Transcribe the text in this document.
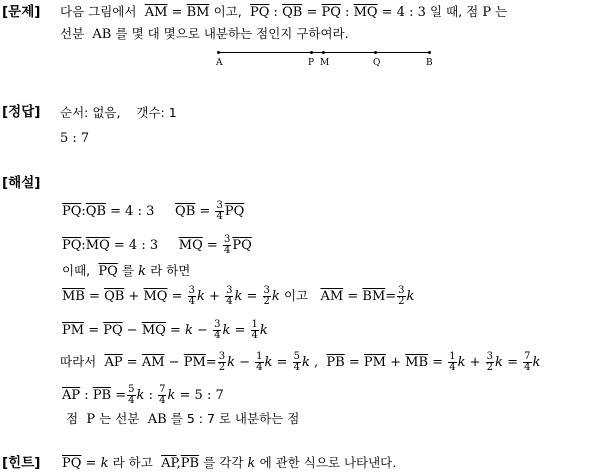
[문제] 다음 그림에서 $\overline{AM} = \overline{BM}$ 이고, $\overline{PQ}$ : $\overline{QB} = \overline{PQ}$ : $\overline{MQ} = 4$ : 3 일 때, 점 P 는
선분 AB 를 몇 대 몇으로 내분하는 점인지 구하여라.
A	P M	Q	B
[정답] 순서: 없음, 갯수: 1
5 : 7
[해설]
$\overline{PQ}:\overline{QB} = 4$ : 3 $\overline{QB} = \frac{3}{4} \overline{PQ}$
$\overline{PQ}:\overline{MQ} = 4$ : 3 $\overline{MQ} = \frac{3}{4} \overline{PQ}$
이때, $\overline{PQ}$ 를 k 라 하면
$\overline{MB} = \overline{QB} + \overline{MQ} = \frac{3}{4}$ $k + \frac{3}{4}$ $k = \frac{3}{2}$ k 이고 $\overline{AM} = \overline{BM}= \frac{3}{2}$ k
$\overline{PM} = \overline{PQ} - \overline{MQ} = k - \frac{3}{4}$ $k = \frac{1}{4}$ k
따라서 $\overline{AP} = \overline{AM} - \overline{PM}= \frac{3}{2}$ $k - \frac{1}{4}$ $k = \frac{5}{4}$ k , $\overline{PB} = \overline{PM} + \overline{MB} = \frac{1}{4}$ $k + \frac{3}{2}$ $k = \frac{7}{4}$ k
$\overline{AP}$ : $\overline{PB} = \frac{5}{4}$ k : $\frac{7}{4}$ k = 5 : 7
점 P 는 선분 AB 를 5 : 7 로 내분하는 점
[힌트] $\overline{PQ} = k$ 라 하고 $\overline{AP},\overline{PB}$ 를 각각 k 에 관한 식으로 나타낸다.
